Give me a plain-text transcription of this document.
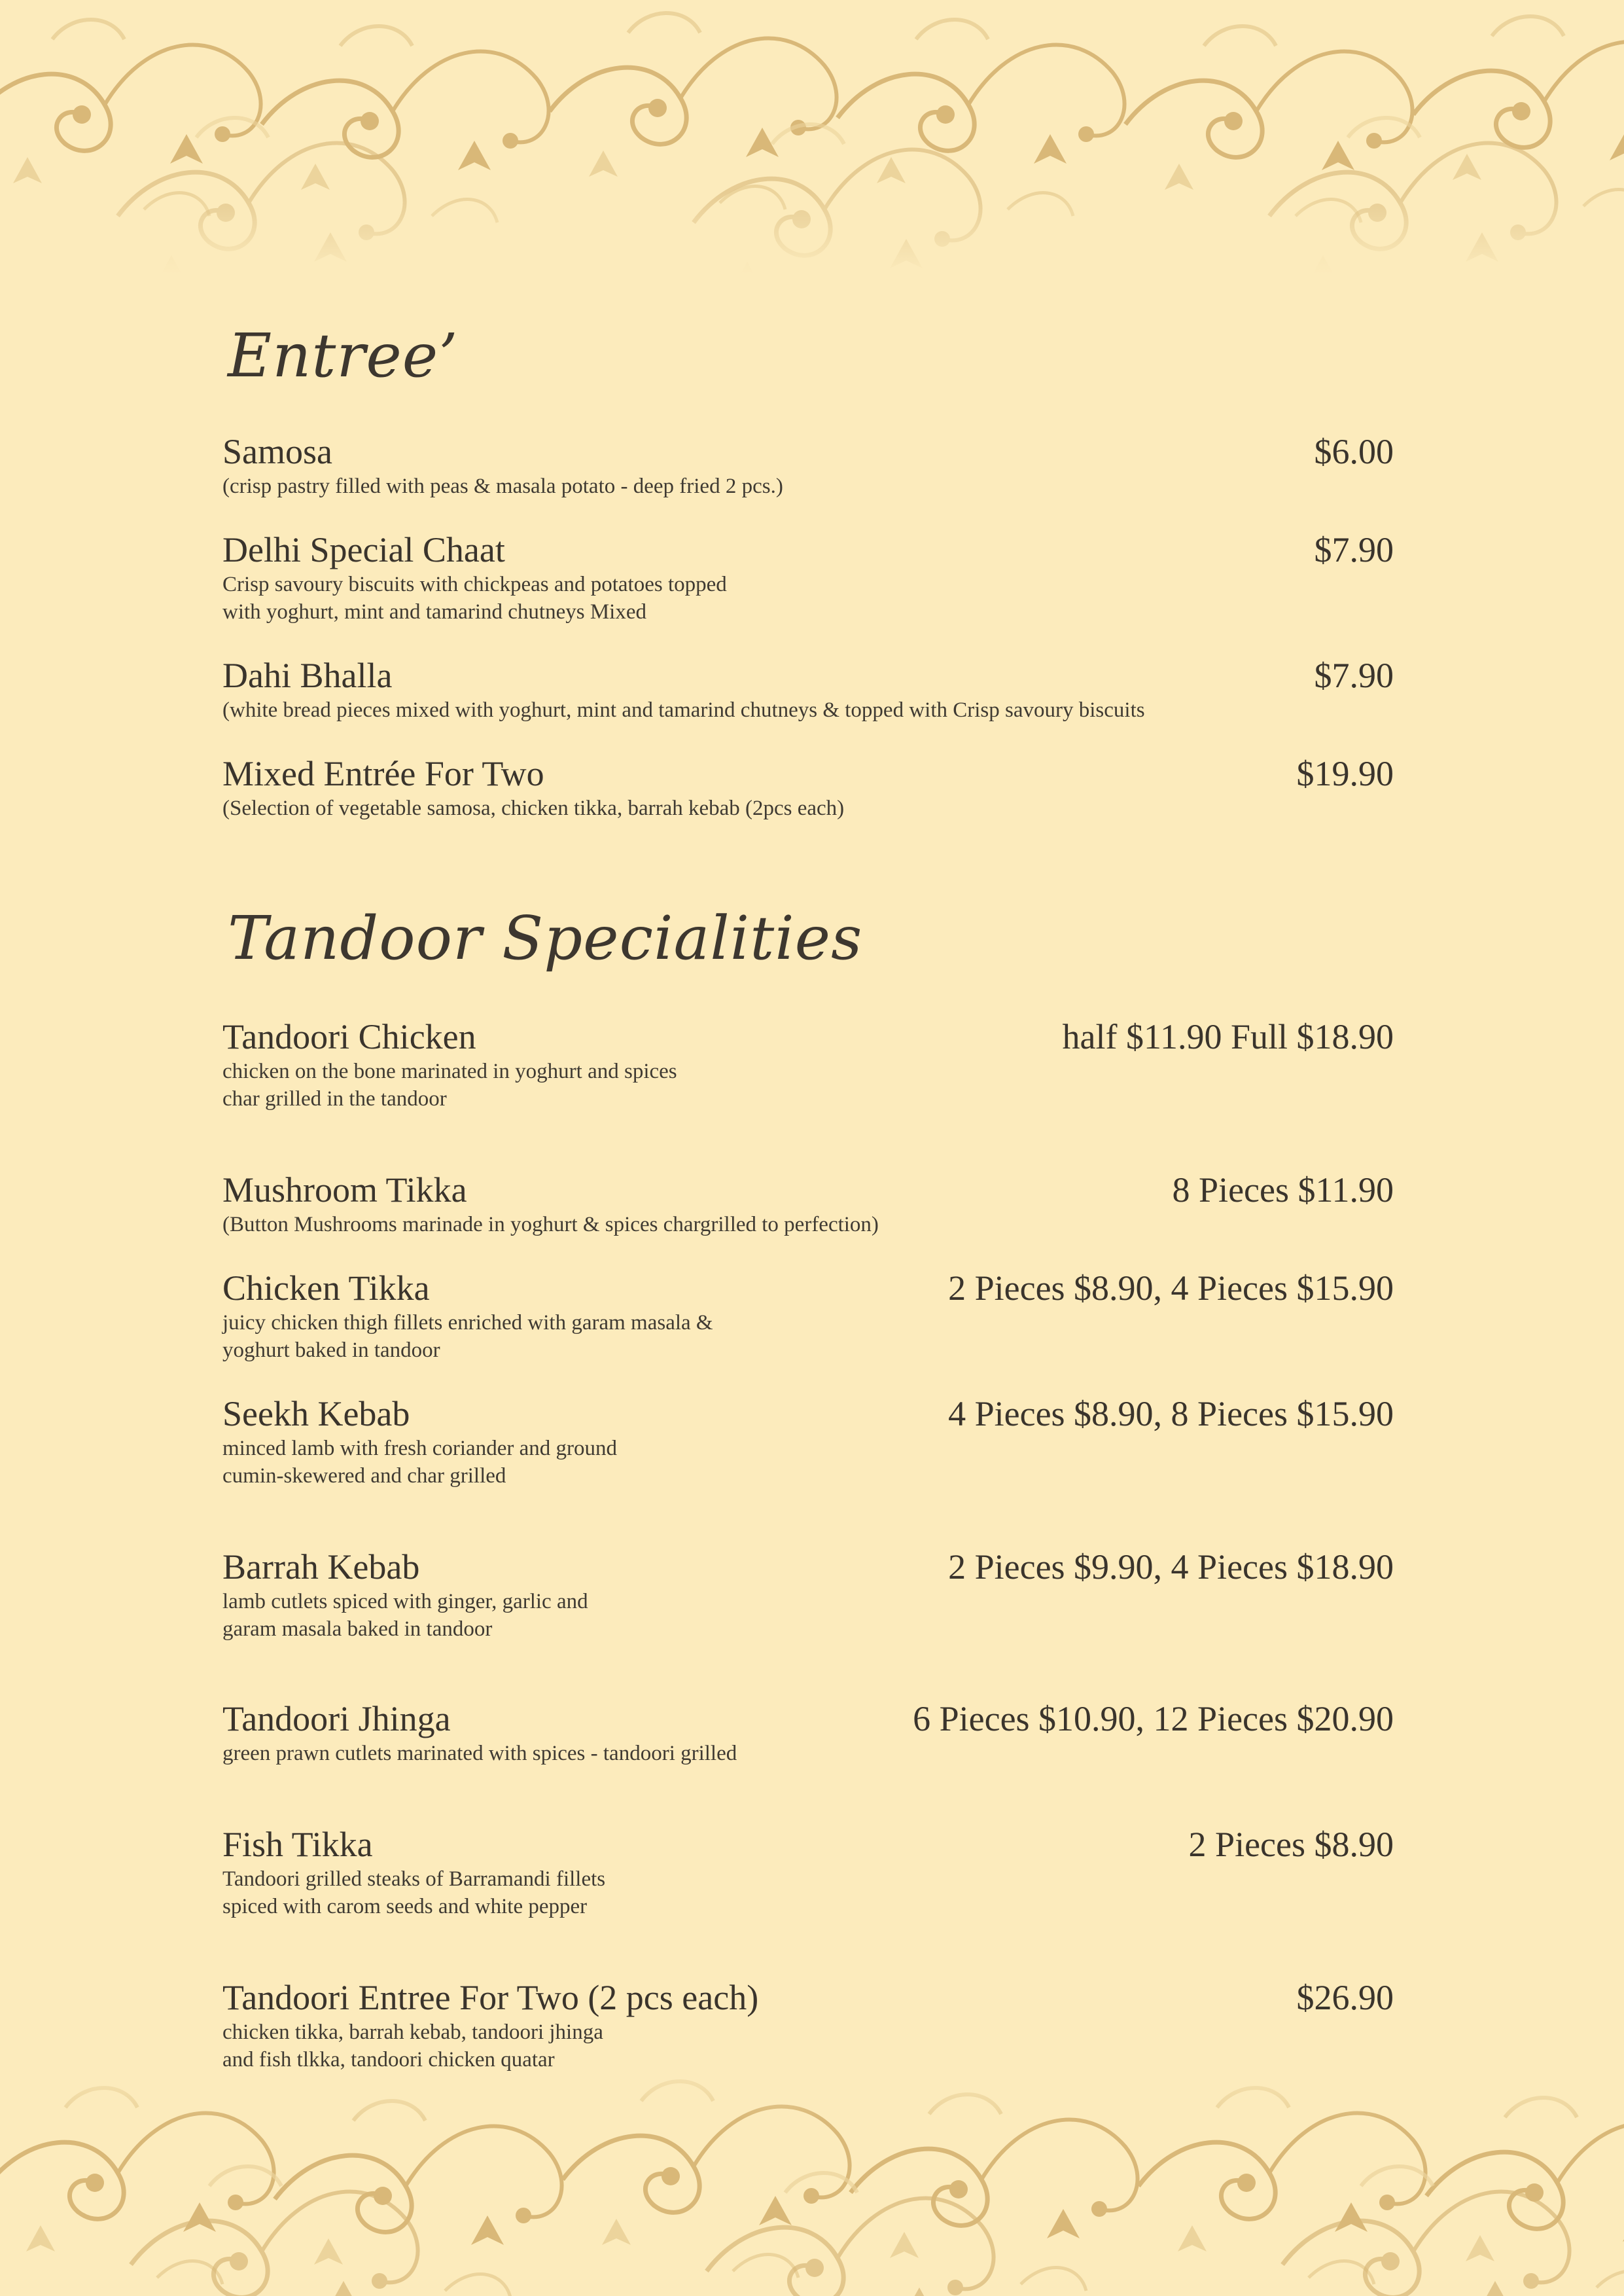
Entree’
Samosa	$6.00
(crisp pastry filled with peas & masala potato - deep fried 2 pcs.)
Delhi Special Chaat	$7.90
Crisp savoury biscuits with chickpeas and potatoes topped
with yoghurt, mint and tamarind chutneys Mixed
Dahi Bhalla	$7.90
(white bread pieces mixed with yoghurt, mint and tamarind chutneys & topped with Crisp savoury biscuits
Mixed Entrée For Two	$19.90
(Selection of vegetable samosa, chicken tikka, barrah kebab (2pcs each)
Tandoor Specialities
Tandoori Chicken	half $11.90 Full $18.90
chicken on the bone marinated in yoghurt and spices
char grilled in the tandoor
Mushroom Tikka	8 Pieces $11.90
(Button Mushrooms marinade in yoghurt & spices chargrilled to perfection)
Chicken Tikka	2 Pieces $8.90, 4 Pieces $15.90
juicy chicken thigh fillets enriched with garam masala &
yoghurt baked in tandoor
Seekh Kebab	4 Pieces $8.90, 8 Pieces $15.90
minced lamb with fresh coriander and ground
cumin-skewered and char grilled
Barrah Kebab	2 Pieces $9.90, 4 Pieces $18.90
lamb cutlets spiced with ginger, garlic and
garam masala baked in tandoor
Tandoori Jhinga	6 Pieces $10.90, 12 Pieces $20.90
green prawn cutlets marinated with spices - tandoori grilled
Fish Tikka	2 Pieces $8.90
Tandoori grilled steaks of Barramandi fillets
spiced with carom seeds and white pepper
Tandoori Entree For Two (2 pcs each)	$26.90
chicken tikka, barrah kebab, tandoori jhinga
and fish tlkka, tandoori chicken quatar
